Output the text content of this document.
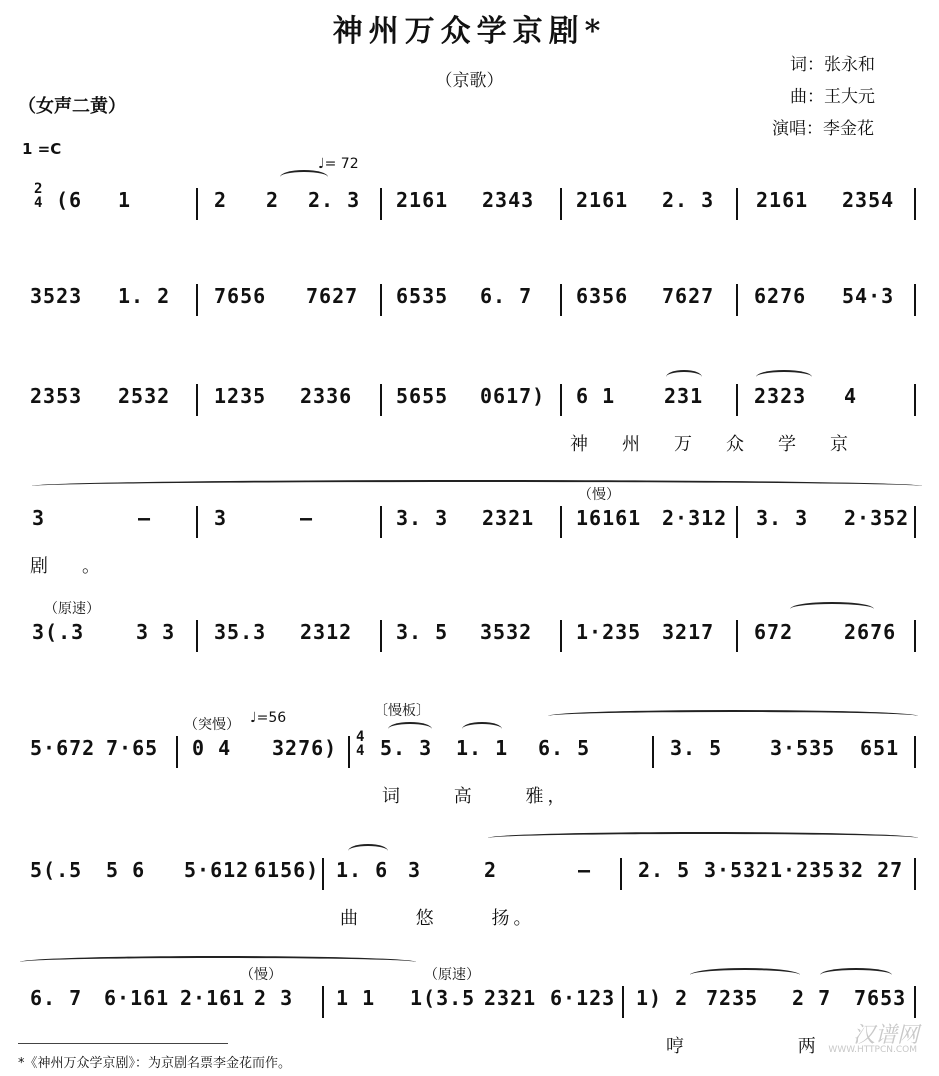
神州万众学京剧*
（京歌）
词：张永和
曲：王大元
演唱：李金花
（女声二黄）
1 =C
♩= 72
2
4 (6 1	2 2 2. 3 2161 2343 2161 2. 3 2161 2354
3523 1. 2 7656 7627 6535 6. 7 6356 7627 6276 54·3
2353 2532 1235 2336 5655 0617) 6 1 231	2323 4
神州万众学京
3	–	3	–	3. 3 2321
（慢）
16161 2·312 3. 3 2·352
剧。
（原速）
3(.3	3 3 35.3 2312 3. 5 3532 1·235 3217 672	2676
♩=56
5·672 7·65
（突慢）
0 4 3276) 4
4
〔慢板〕
5. 3 1. 1 6. 5	3. 5 3·535 651
词 高 雅，
5(.5 5 6 5·612 6156) 1. 6 3	2	– 2. 5 3·532 1·235 32 27
曲 悠 扬。
6. 7 6·161 2·161
（慢）
2 3 1 1
（原速）
1(3.5 2321 6·123 1) 2 7235 2 7 7653
哼 两
*《神州万众学京剧》：为京剧名票李金花而作。
汉谱网
WWW.HTTPCN.COM
